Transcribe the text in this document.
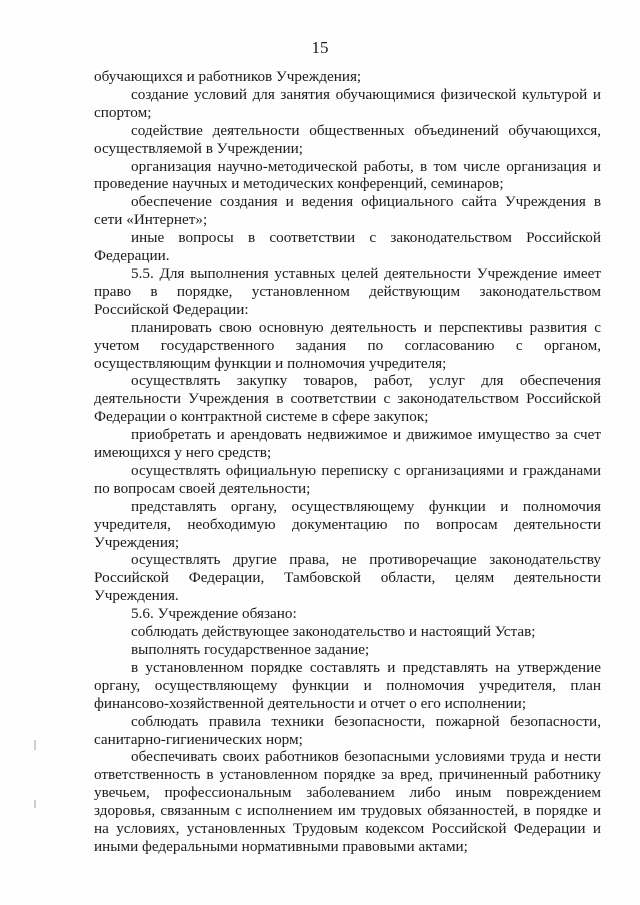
15

обучающихся и работников Учреждения;

создание условий для занятия обучающимися физической культурой и спортом;

содействие деятельности общественных объединений обучающихся, осуществляемой в Учреждении;

организация научно-методической работы, в том числе организация и проведение научных и методических конференций, семинаров;

обеспечение создания и ведения официального сайта Учреждения в сети «Интернет»;

иные вопросы в соответствии с законодательством Российской Федерации.

5.5. Для выполнения уставных целей деятельности Учреждение имеет право в порядке, установленном действующим законодательством Российской Федерации:

планировать свою основную деятельность и перспективы развития с учетом государственного задания по согласованию с органом, осуществляющим функции и полномочия учредителя;

осуществлять закупку товаров, работ, услуг для обеспечения деятельности Учреждения в соответствии с законодательством Российской Федерации о контрактной системе в сфере закупок;

приобретать и арендовать недвижимое и движимое имущество за счет имеющихся у него средств;

осуществлять официальную переписку с организациями и гражданами по вопросам своей деятельности;

представлять органу, осуществляющему функции и полномочия учредителя, необходимую документацию по вопросам деятельности Учреждения;

осуществлять другие права, не противоречащие законодательству Российской Федерации, Тамбовской области, целям деятельности Учреждения.

5.6. Учреждение обязано:

соблюдать действующее законодательство и настоящий Устав;

выполнять государственное задание;

в установленном порядке составлять и представлять на утверждение органу, осуществляющему функции и полномочия учредителя, план финансово-хозяйственной деятельности и отчет о его исполнении;

соблюдать правила техники безопасности, пожарной безопасности, санитарно-гигиенических норм;

обеспечивать своих работников безопасными условиями труда и нести ответственность в установленном порядке за вред, причиненный работнику увечьем, профессиональным заболеванием либо иным повреждением здоровья, связанным с исполнением им трудовых обязанностей, в порядке и на условиях, установленных Трудовым кодексом Российской Федерации и иными федеральными нормативными правовыми актами;
